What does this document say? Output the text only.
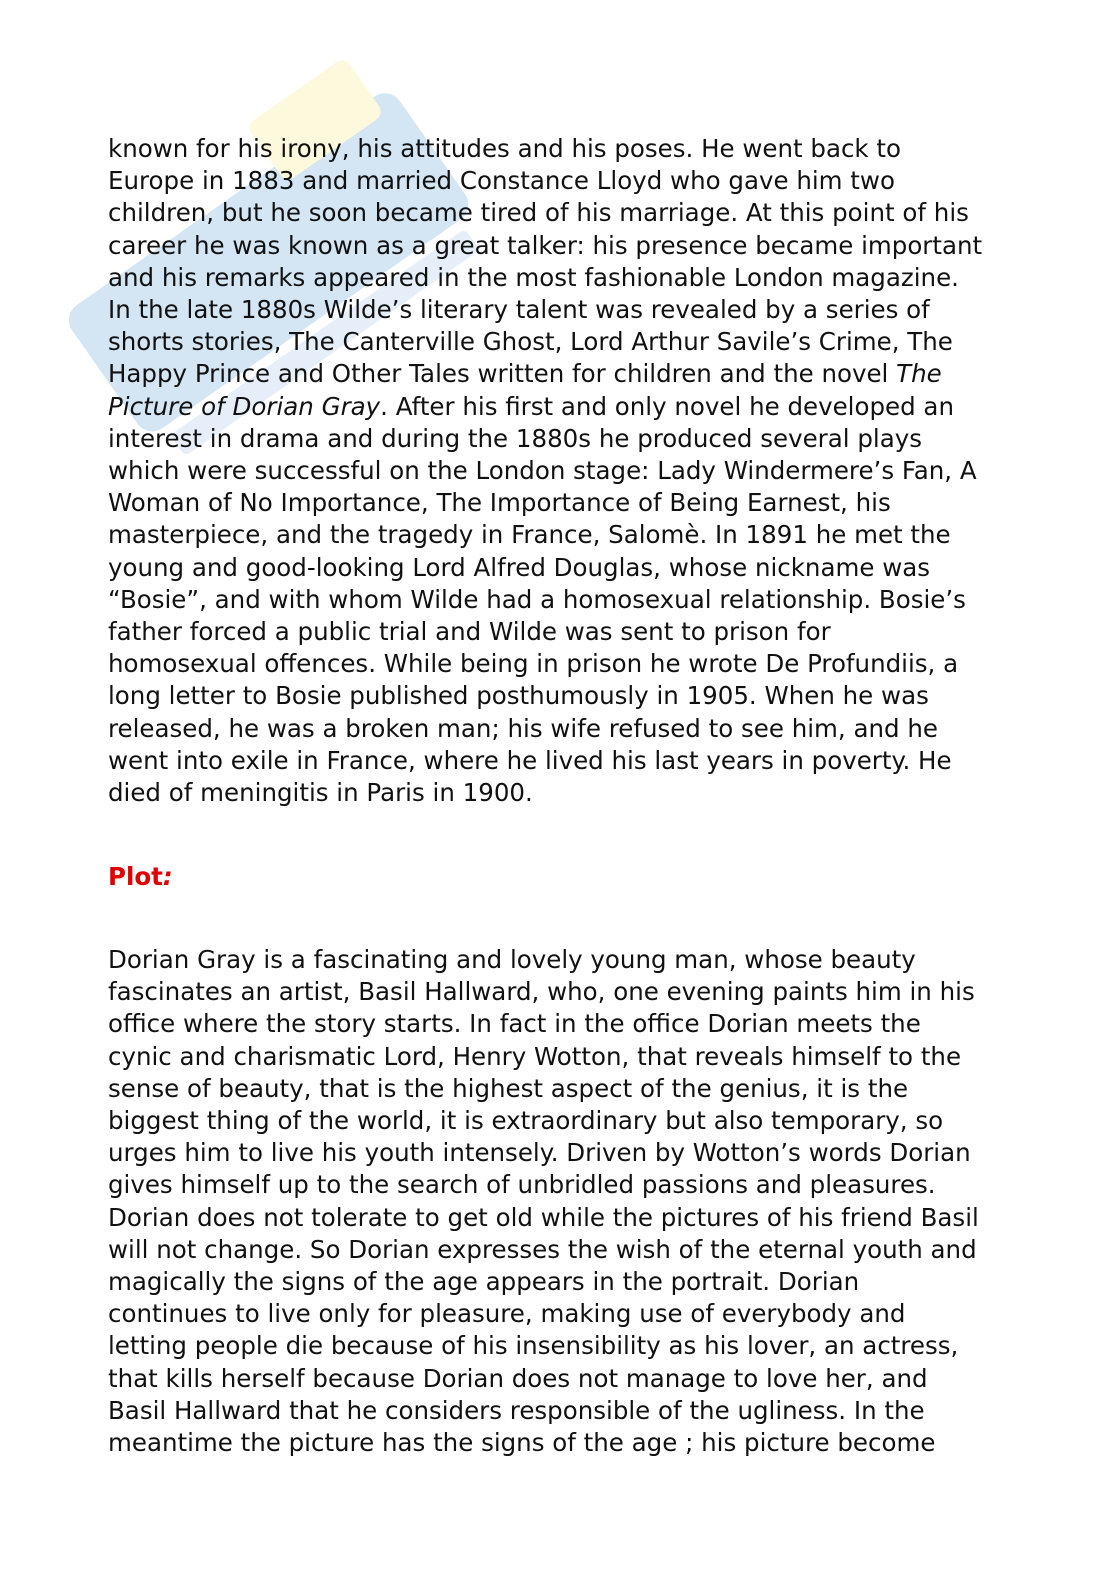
known for his irony, his attitudes and his poses. He went back to
Europe in 1883 and married Constance Lloyd who gave him two
children, but he soon became tired of his marriage. At this point of his
career he was known as a great talker: his presence became important
and his remarks appeared in the most fashionable London magazine.
In the late 1880s Wilde’s literary talent was revealed by a series of
shorts stories, The Canterville Ghost, Lord Arthur Savile’s Crime, The
Happy Prince and Other Tales written for children and the novel The
Picture of Dorian Gray. After his first and only novel he developed an
interest in drama and during the 1880s he produced several plays
which were successful on the London stage: Lady Windermere’s Fan, A
Woman of No Importance, The Importance of Being Earnest, his
masterpiece, and the tragedy in France, Salomè. In 1891 he met the
young and good-looking Lord Alfred Douglas, whose nickname was
“Bosie”, and with whom Wilde had a homosexual relationship. Bosie’s
father forced a public trial and Wilde was sent to prison for
homosexual offences. While being in prison he wrote De Profundiis, a
long letter to Bosie published posthumously in 1905. When he was
released, he was a broken man; his wife refused to see him, and he
went into exile in France, where he lived his last years in poverty. He
died of meningitis in Paris in 1900.

Plot:

Dorian Gray is a fascinating and lovely young man, whose beauty
fascinates an artist, Basil Hallward, who, one evening paints him in his
office where the story starts. In fact in the office Dorian meets the
cynic and charismatic Lord, Henry Wotton, that reveals himself to the
sense of beauty, that is the highest aspect of the genius, it is the
biggest thing of the world, it is extraordinary but also temporary, so
urges him to live his youth intensely. Driven by Wotton’s words Dorian
gives himself up to the search of unbridled passions and pleasures.
Dorian does not tolerate to get old while the pictures of his friend Basil
will not change. So Dorian expresses the wish of the eternal youth and
magically the signs of the age appears in the portrait. Dorian
continues to live only for pleasure, making use of everybody and
letting people die because of his insensibility as his lover, an actress,
that kills herself because Dorian does not manage to love her, and
Basil Hallward that he considers responsible of the ugliness. In the
meantime the picture has the signs of the age ; his picture become
